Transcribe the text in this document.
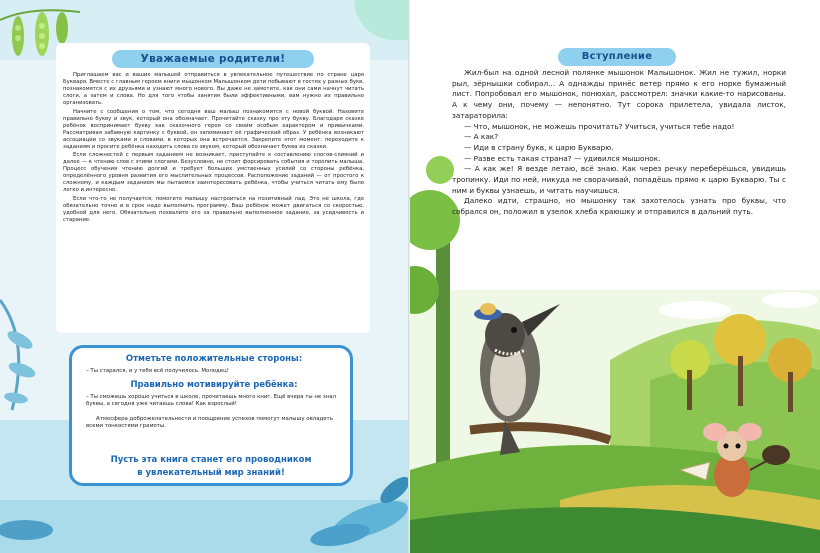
Уважаемые родители!

Приглашаем вас и ваших малышей отправиться в увлекательное путешествие по стране царя Букваря. Вместе с главным героем книги мышонком Малышонком дети побывают в гостях у разных букв, познакомятся с их друзьями и узнают много нового. Вы даже не заметите, как они сами начнут читать слоги, а затем и слова. Но для того чтобы занятия были эффективными, вам нужно их правильно организовать.

Начните с сообщения о том, что сегодня ваш малыш познакомится с новой буквой. Назовите правильно букву и звук, который она обозначает. Прочитайте сказку про эту букву. Благодаря сказке ребёнок воспринимает букву как сказочного героя со своим особым характером и привычками. Рассматривая забавную картинку с буквой, он запоминает её графический образ. У ребёнка возникают ассоциации со звуками и словами, в которых она встречается. Закрепите этот момент: переходите к заданиям и просите ребёнка находить слова со звуком, который обозначает буква из сказки.

Если сложностей с первым заданием не возникает, приступайте к составлению слогов-слияний и далее — к чтению слов с этими слогами. Безусловно, не стоит форсировать события и торопить малыша. Процесс обучения чтению долгий и требует больших умственных усилий со стороны ребёнка, определённого уровня развития его мыслительных процессов. Расположение заданий — от простого к сложному, и каждым заданием мы пытаемся заинтересовать ребёнка, чтобы учиться читать ему было легко и интересно.

Если что-то не получается, помогите малышу настроиться на позитивный лад. Это не школа, где обязательно точно и в срок надо выполнить программу. Ваш ребёнок может двигаться со скоростью, удобной для него. Обязательно похвалите его за правильно выполненное задание, за усидчивость и старание.

Отметьте положительные стороны:
– Ты старался, и у тебя всё получилось. Молодец!
Правильно мотивируйте ребёнка:
– Ты сможешь хорошо учиться в школе, прочитаешь много книг. Ещё вчера ты не знал буквы, а сегодня уже читаешь слова! Как взрослый!
Атмосфера доброжелательности и поощрение успехов помогут малышу овладеть всеми тонкостями грамоты.
Пусть эта книга станет его проводником
в увлекательный мир знаний!
Вступление

Жил-был на одной лесной полянке мышонок Малышонок. Жил не тужил, норки рыл, зёрнышки собирал... А однажды принёс ветер прямо к его норке бумажный лист. Попробовал его мышонок, понюхал, рассмотрел: значки какие-то нарисованы. А к чему они, почему — непонятно. Тут сорока прилетела, увидала листок, затараторила:

— Что, мышонок, не можешь прочитать? Учиться, учиться тебе надо!

— А как?

— Иди в страну букв, к царю Букварю.

— Разве есть такая страна? — удивился мышонок.

— А как же! Я везде летаю, всё знаю. Как через речку переберёшься, увидишь тропинку. Иди по ней, никуда не сворачивай, попадёшь прямо к царю Букварю. Ты с ним и буквы узнаешь, и читать научишься.

Далеко идти, страшно, но мышонку так захотелось узнать про буквы, что собрался он, положил в узелок хлеба краюшку и отправился в дальний путь.
